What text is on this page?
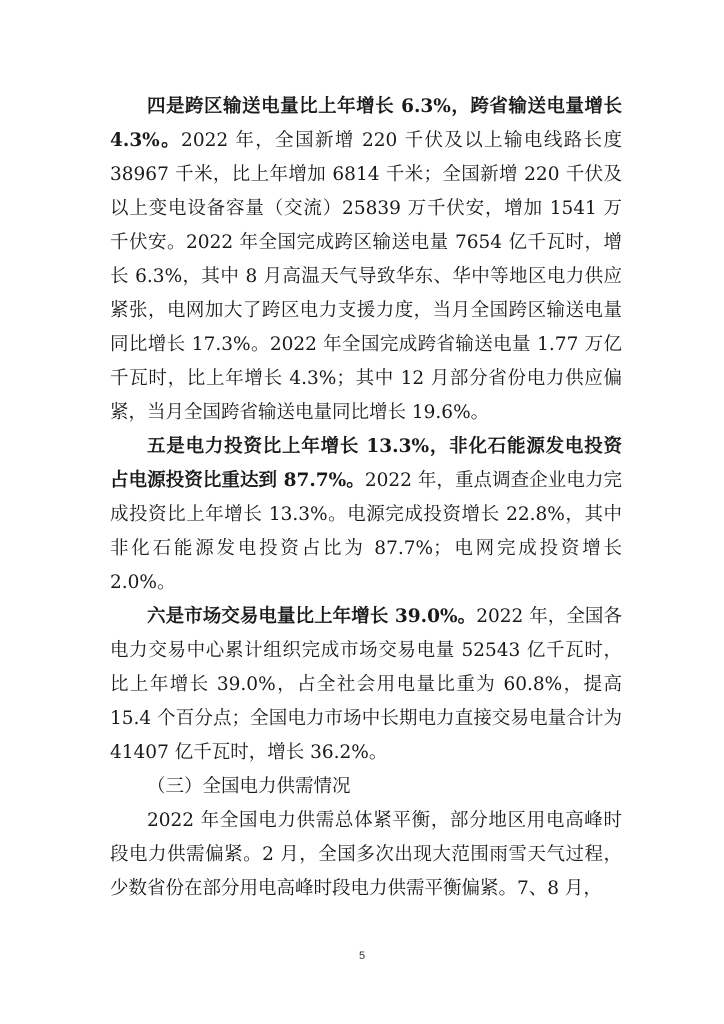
四是跨区输送电量比上年增长 6.3%，跨省输送电量增长 4.3%。2022 年，全国新增 220 千伏及以上输电线路长度 38967 千米，比上年增加 6814 千米；全国新增 220 千伏及以上变电设备容量（交流）25839 万千伏安，增加 1541 万千伏安。2022 年全国完成跨区输送电量 7654 亿千瓦时，增长 6.3%，其中 8 月高温天气导致华东、华中等地区电力供应紧张，电网加大了跨区电力支援力度，当月全国跨区输送电量同比增长 17.3%。2022 年全国完成跨省输送电量 1.77 万亿千瓦时，比上年增长 4.3%；其中 12 月部分省份电力供应偏紧，当月全国跨省输送电量同比增长 19.6%。

五是电力投资比上年增长 13.3%，非化石能源发电投资占电源投资比重达到 87.7%。2022 年，重点调查企业电力完成投资比上年增长 13.3%。电源完成投资增长 22.8%，其中非化石能源发电投资占比为 87.7%；电网完成投资增长 2.0%。

六是市场交易电量比上年增长 39.0%。2022 年，全国各电力交易中心累计组织完成市场交易电量 52543 亿千瓦时，比上年增长 39.0%，占全社会用电量比重为 60.8%，提高 15.4 个百分点；全国电力市场中长期电力直接交易电量合计为 41407 亿千瓦时，增长 36.2%。

（三）全国电力供需情况

2022 年全国电力供需总体紧平衡，部分地区用电高峰时段电力供需偏紧。2 月，全国多次出现大范围雨雪天气过程，少数省份在部分用电高峰时段电力供需平衡偏紧。7、8 月，

5
